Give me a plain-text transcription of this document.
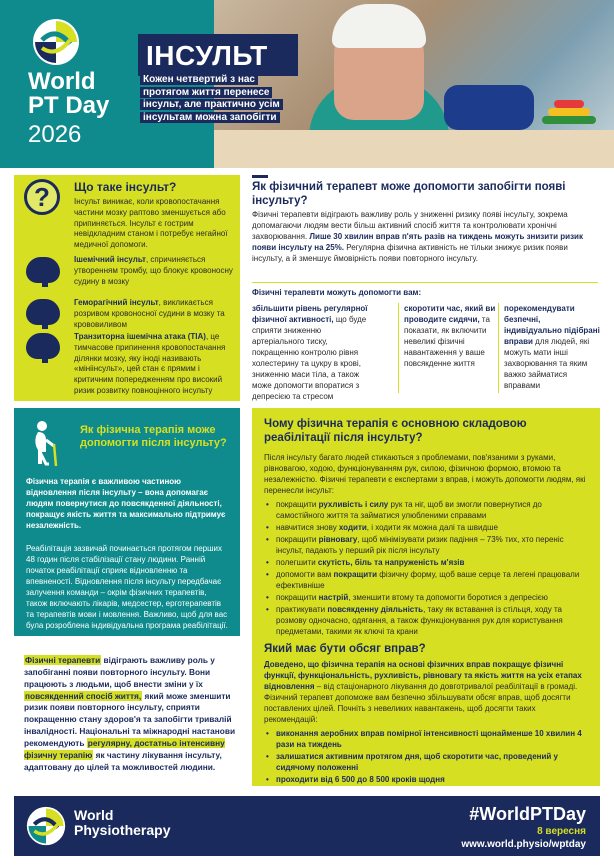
World
PT Day
2026
ІНСУЛЬТ
Кожен четвертий з нас протягом життя перенесе інсульт, але практично усім інсультам можна запобігти
?	Що таке інсульт?
Інсульт виникає, коли кровопостачання частини мозку раптово зменшується або припиняється. Інсульт є гострим невідкладним станом і потребує негайної медичної допомоги.
Ішемічний інсульт, спричиняється утворенням тромбу, що блокує кровоносну судину в мозку
Геморагічний інсульт, викликається розривом кровоносної судини в мозку та крововиливом
Транзиторна ішемічна атака (TIA), це тимчасове припинення кровопостачання ділянки мозку, яку іноді називають «мініінсульт», цей стан є прямим і критичним попередженням про високий ризик розвитку повноцінного інсульту
Як фізичний терапевт може допомогти запобігти появі інсульту?
Фізичні терапевти відіграють важливу роль у зниженні ризику появі інсульту, зокрема допомагаючи людям вести більш активний спосіб життя та контролювати хронічні захворювання. Лише 30 хвилин вправ п'ять разів на тиждень можуть знизити ризик появи інсульту на 25%. Регулярна фізична активність не тільки знижує ризик появи інсульту, а й зменшує ймовірність появи повторного інсульту.
Фізичні терапевти можуть допомогти вам:
збільшити рівень регулярної фізичної активності, що буде сприяти зниженню артеріального тиску, покращенню контролю рівня холестерину та цукру в крові, зниженню маси тіла, а також може допомогти впоратися з депресією та стресом
скоротити час, який ви проводите сидячи, та показати, як включити невеликі фізичні навантаження у ваше повсякденне життя
порекомендувати безпечні, індивідуально підібрані вправи для людей, які можуть мати інші захворювання та яким важко займатися вправами
Як фізична терапія може допомогти після інсульту?
Фізична терапія є важливою частиною відновлення після інсульту – вона допомагає людям повернутися до повсякденної діяльності, покращує якість життя та максимально підтримує незалежність.
Реабілітація зазвичай починається протягом перших 48 годин після стабілізації стану людини. Ранній початок реабілітації сприяє відновленню та впевненості. Відновлення після інсульту передбачає залучення команди – окрім фізичних терапевтів, також включають лікарів, медсестер, ерготерапевтів та терапевтів мови і мовлення. Важливо, щоб для вас була розроблена індивідуальна програма реабілітації.
Фізичні терапевти відіграють важливу роль у запобіганні появи повторного інсульту. Вони працюють з людьми, щоб внести зміни у їх повсякденний спосіб життя, який може зменшити ризик появи повторного інсульту, сприяти покращенню стану здоров'я та запобігти тривалій інвалідності. Національні та міжнародні настанови рекомендують регулярну, достатньо інтенсивну фізичну терапію як частину лікування інсульту, адаптовану до цілей та можливостей людини.
Чому фізична терапія є основною складовою реабілітації після інсульту?
Після інсульту багато людей стикаються з проблемами, пов'язаними з руками, рівновагою, ходою, функціонуванням рук, силою, фізичною формою, втомою та незалежністю. Фізичні терапевти є експертами з вправ, і можуть допомогти людям, які перенесли інсульт:
• покращити рухливість і силу рук та ніг, щоб ви змогли повернутися до самостійного життя та займатися улюбленими справами
• навчитися знову ходити, і ходити як можна далі та швидше
• покращити рівновагу, щоб мінімізувати ризик падіння – 73% тих, хто переніс інсульт, падають у перший рік після інсульту
• полегшити скутість, біль та напруженість м'язів
• допомогти вам покращити фізичну форму, щоб ваше серце та легені працювали ефективніше
• покращити настрій, зменшити втому та допомогти боротися з депресією
• практикувати повсякденну діяльність, таку як вставання із стільця, ходу та розмову одночасно, одягання, а також функціонування рук для користування предметами, такими як ключі та крани
Який має бути обсяг вправ?
Доведено, що фізична терапія на основі фізичних вправ покращує фізичні функції, функціональність, рухливість, рівновагу та якість життя на усіх етапах відновлення – від стаціонарного лікування до довготривалої реабілітації в громаді. Фізичний терапевт допоможе вам безпечно збільшувати обсяг вправ, щоб досягти поставлених цілей. Почніть з невеликих навантажень, щоб досягти таких рекомендацій:
• виконання аеробних вправ помірної інтенсивності щонайменше 10 хвилин 4 рази на тиждень
• залишатися активним протягом дня, щоб скоротити час, проведений у сидячому положенні
• проходити від 6 500 до 8 500 кроків щодня
World
Physiotherapy
#WorldPTDay
8 вересня
www.world.physio/wptday
